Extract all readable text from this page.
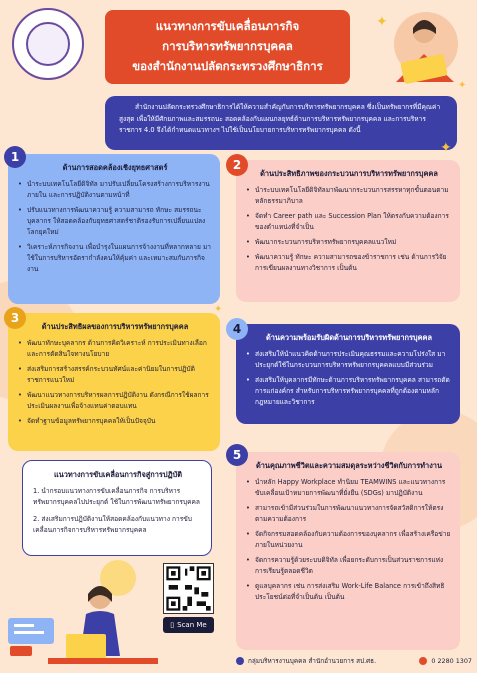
แนวทางการขับเคลื่อนภารกิจ
การบริหารทรัพยากรบุคคล
ของสำนักงานปลัดกระทรวงศึกษาธิการ
✦
✦
สำนักงานปลัดกระทรวงศึกษาธิการได้ให้ความสำคัญกับการบริหารทรัพยากรบุคคล ซึ่งเป็นทรัพยากรที่มีคุณค่าสูงสุด เพื่อให้มีศักยภาพและสมรรถนะ สอดคล้องกับแผนกลยุทธ์ด้านการบริหารทรัพยากรบุคคล และการบริหารราชการ 4.0 จึงได้กำหนดแนวทางฯ ไปใช้เป็นนโยบายการบริหารทรัพยากรบุคคล ดังนี้
1
ด้านการสอดคล้องเชิงยุทธศาสตร์
• นำระบบเทคโนโลยีดิจิทัล มาปรับเปลี่ยนโครงสร้างการบริหารงานภายใน และการปฏิบัติงานตามหน้าที่
• ปรับแนวทางการพัฒนาความรู้ ความสามารถ ทักษะ สมรรถนะบุคลากร ให้สอดคล้องกับยุทธศาสตร์ชาติรองรับการเปลี่ยนแปลงโลกยุคใหม่
• วิเคราะห์ภารกิจงาน เพื่อบำรุงในแผนการจ้างงานที่หลากหลาย มาใช้ในการบริหารอัตรากำลังคนให้คุ้มค่า และเหมาะสมกับภารกิจงาน
2
ด้านประสิทธิภาพของกระบวนการบริหารทรัพยากรบุคคล
• นำระบบเทคโนโลยีดิจิทัลมาพัฒนากระบวนการสรรหาทุกขั้นตอนตามหลักธรรมาภิบาล
• จัดทำ Career path และ Succession Plan ให้ตรงกับความต้องการของตำแหน่งที่จำเป็น
• พัฒนากระบวนการบริหารทรัพยากรบุคคลแนวใหม่
• พัฒนาความรู้ ทักษะ ความสามารถของข้าราชการ เช่น ด้านการวิจัย การเขียนผลงานทางวิชาการ เป็นต้น
3
ด้านประสิทธิผลของการบริหารทรัพยากรบุคคล
• พัฒนาทักษะบุคลากร ด้านการคิดวิเคราะห์ การประเมินทางเลือก และการตัดสินใจทางนโยบาย
• ส่งเสริมการสร้างสรรค์กระบวนทัศน์และค่านิยมในการปฏิบัติราชการแนวใหม่
• พัฒนาแนวทางการบริหารผลการปฏิบัติงาน ดังกรณีการใช้ผลการประเมินผลงานเพื่อจ้างแทนค่าตอบแทน
• จัดทำฐานข้อมูลทรัพยากรบุคคลให้เป็นปัจจุบัน
4
ด้านความพร้อมรับผิดด้านการบริหารทรัพยากรบุคคล
• ส่งเสริมให้นำแนวคิดด้านการประเมินคุณธรรมและความโปร่งใส มาประยุกต์ใช้ในกระบวนการบริหารทรัพยากรบุคคลแบบมีส่วนร่วม
• ส่งเสริมให้บุคลากรมีทักษะด้านการบริหารทรัพยากรบุคคล สามารถตัดการแก่องค์กร สำหรับการบริหารทรัพยากรบุคคลที่ถูกต้องตามหลักกฎหมายและวิชาการ
5
ด้านคุณภาพชีวิตและความสมดุลระหว่างชีวิตกับการทำงาน
• นำหลัก Happy Workplace ทำนิยม TEAMWINS และแนวทางการขับเคลื่อนเป้าหมายการพัฒนาที่ยั่งยืน (SDGs) มาปฏิบัติงาน
• สามารถเข้ามีส่วนร่วมในการพัฒนาแนวทางการจัดสวัสดิการให้ตรงตามความต้องการ
• จัดกิจกรรมสอดคล้องกับความต้องการของบุคลากร เพื่อสร้างเครือข่ายภายในหน่วยงาน
• จัดการความรู้ด้วยระบบดิจิทัล เพื่อยกระดับการเป็นส่วนราชการแห่งการเรียนรู้ตลอดชีวิต
• ดูแลบุคลากร เช่น การส่งเสริม Work-Life Balance การเข้าถึงสิทธิประโยชน์ต่อที่จำเป็นต้น เป็นต้น
แนวทางการขับเคลื่อนการกิจสู่การปฏิบัติ
1. นำกรอบแนวทางการขับเคลื่อนภารกิจ การบริหารทรัพยากรบุคคลไปประยุกต์ ใช้ในการพัฒนาทรัพยากรบุคคล
2. ส่งเสริมการปฏิบัติงานให้สอดคล้องกับแนวทาง การขับเคลื่อนภารกิจการบริหารทรัพยากรบุคคล
▯ Scan Me
✦
✦
กลุ่มบริหารงานบุคคล สำนักอำนวยการ สป.ศธ.	0 2280 1307
